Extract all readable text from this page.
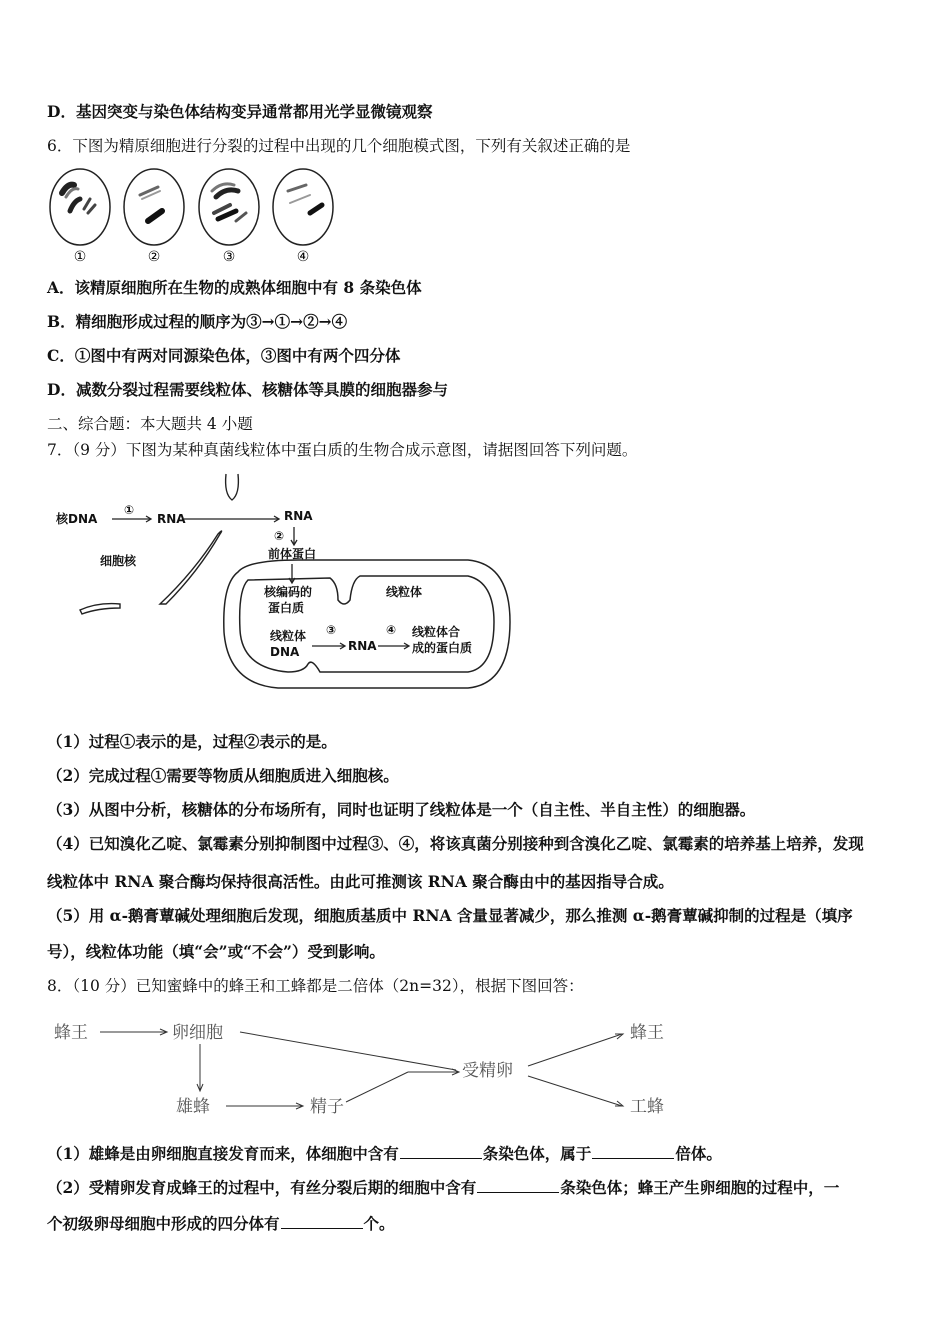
D．基因突变与染色体结构变异通常都用光学显微镜观察
6．下图为精原细胞进行分裂的过程中出现的几个细胞模式图，下列有关叙述正确的是
①	②	③	④
A．该精原细胞所在生物的成熟体细胞中有 8 条染色体
B．精细胞形成过程的顺序为③→①→②→④
C．①图中有两对同源染色体，③图中有两个四分体
D．减数分裂过程需要线粒体、核糖体等具膜的细胞器参与
二、综合题：本大题共 4 小题
7．（9 分）下图为某种真菌线粒体中蛋白质的生物合成示意图，请据图回答下列问题。
核DNA
①
RNA	RNA
②
前体蛋白
细胞核
核编码的
蛋白质
线粒体
线粒体
DNA
③
RNA
④ 线粒体合
成的蛋白质
（1）过程①表示的是，过程②表示的是。
（2）完成过程①需要等物质从细胞质进入细胞核。
（3）从图中分析，核糖体的分布场所有，同时也证明了线粒体是一个（自主性、半自主性）的细胞器。
（4）已知溴化乙啶、氯霉素分别抑制图中过程③、④，将该真菌分别接种到含溴化乙啶、氯霉素的培养基上培养，发现
线粒体中 RNA 聚合酶均保持很高活性。由此可推测该 RNA 聚合酶由中的基因指导合成。
（5）用 α-鹅膏蕈碱处理细胞后发现，细胞质基质中 RNA 含量显著减少，那么推测 α-鹅膏蕈碱抑制的过程是（填序
号），线粒体功能（填“会”或“不会”）受到影响。
8．（10 分）已知蜜蜂中的蜂王和工蜂都是二倍体（2n=32），根据下图回答：
蜂王	卵细胞
雄蜂	精子
受精卵
蜂王
工蜂
（1）雄蜂是由卵细胞直接发育而来，体细胞中含有	条染色体，属于	倍体。
（2）受精卵发育成蜂王的过程中，有丝分裂后期的细胞中含有	条染色体；蜂王产生卵细胞的过程中，一
个初级卵母细胞中形成的四分体有	个。
